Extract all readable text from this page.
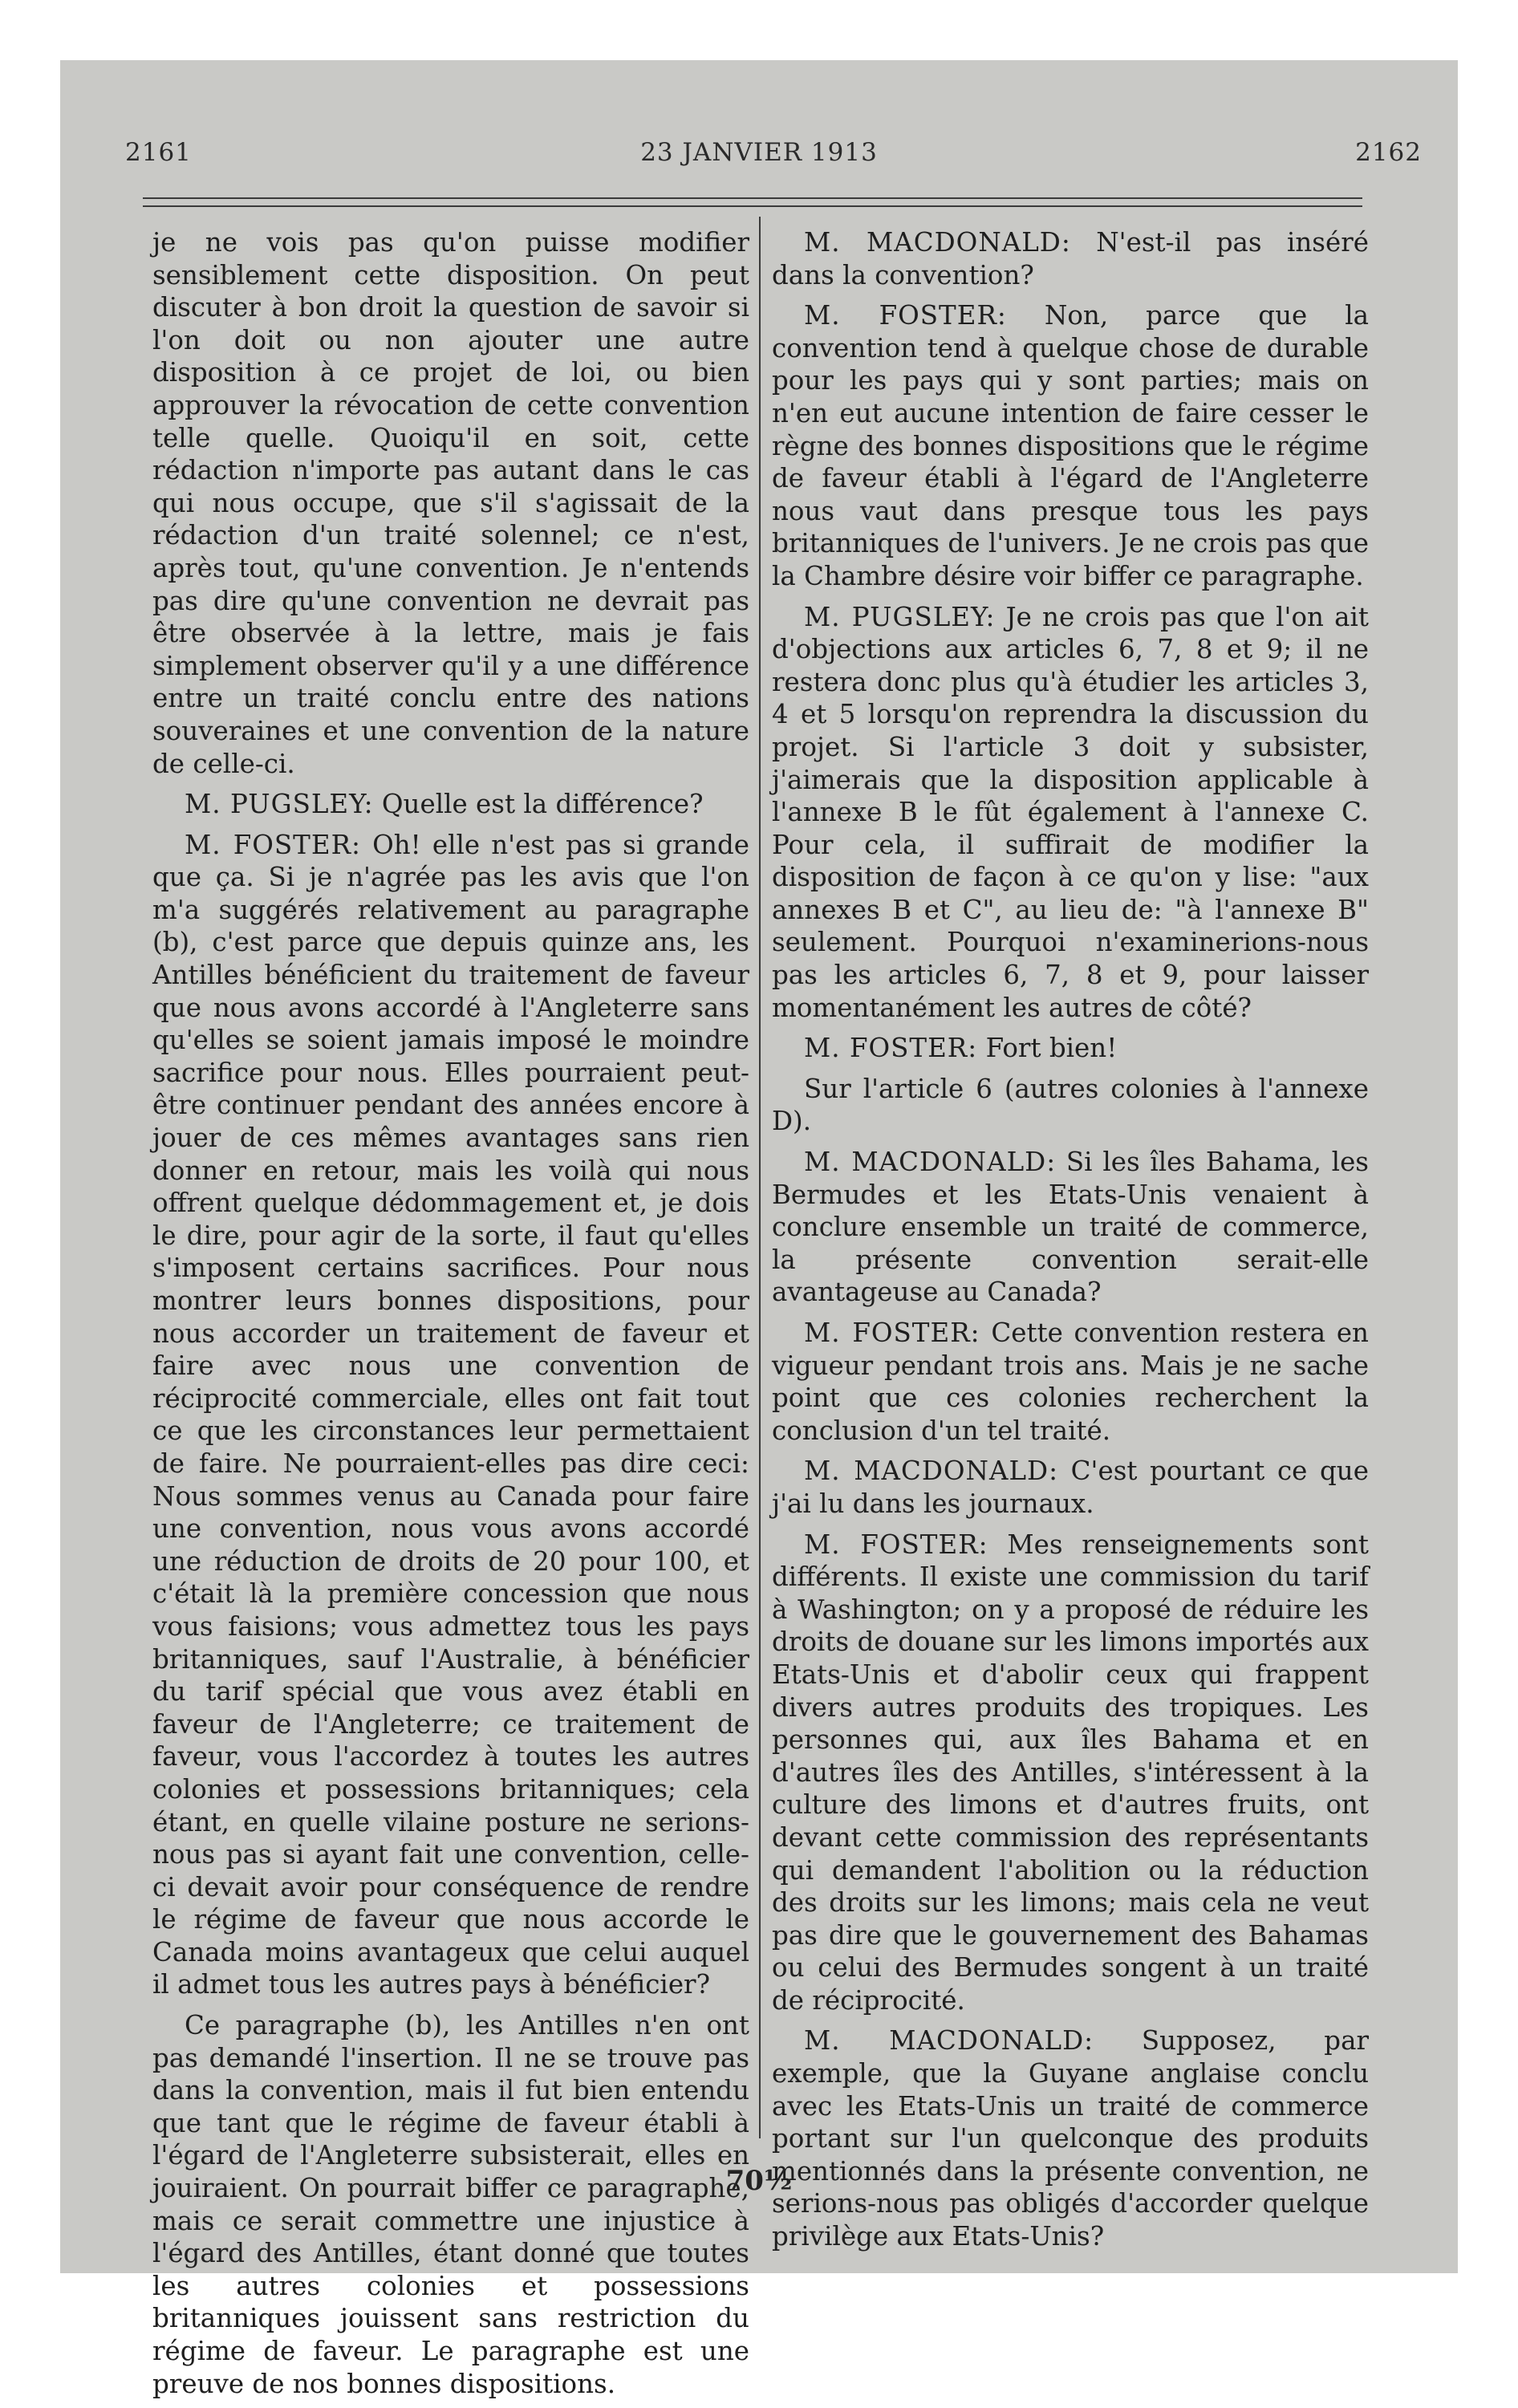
2161	23 JANVIER 1913	2162

je ne vois pas qu'on puisse modifier sensiblement cette disposition. On peut discuter à bon droit la question de savoir si l'on doit ou non ajouter une autre disposition à ce projet de loi, ou bien approuver la révocation de cette convention telle quelle. Quoiqu'il en soit, cette rédaction n'importe pas autant dans le cas qui nous occupe, que s'il s'agissait de la rédaction d'un traité solennel; ce n'est, après tout, qu'une convention. Je n'entends pas dire qu'une convention ne devrait pas être observée à la lettre, mais je fais simplement observer qu'il y a une différence entre un traité conclu entre des nations souveraines et une convention de la nature de celle-ci.

M. PUGSLEY: Quelle est la différence?

M. FOSTER: Oh! elle n'est pas si grande que ça. Si je n'agrée pas les avis que l'on m'a suggérés relativement au paragraphe (b), c'est parce que depuis quinze ans, les Antilles bénéficient du traitement de faveur que nous avons accordé à l'Angleterre sans qu'elles se soient jamais imposé le moindre sacrifice pour nous. Elles pourraient peut-être continuer pendant des années encore à jouer de ces mêmes avantages sans rien donner en retour, mais les voilà qui nous offrent quelque dédommagement et, je dois le dire, pour agir de la sorte, il faut qu'elles s'imposent certains sacrifices. Pour nous montrer leurs bonnes dispositions, pour nous accorder un traitement de faveur et faire avec nous une convention de réciprocité commerciale, elles ont fait tout ce que les circonstances leur permettaient de faire. Ne pourraient-elles pas dire ceci: Nous sommes venus au Canada pour faire une convention, nous vous avons accordé une réduction de droits de 20 pour 100, et c'était là la première concession que nous vous faisions; vous admettez tous les pays britanniques, sauf l'Australie, à bénéficier du tarif spécial que vous avez établi en faveur de l'Angleterre; ce traitement de faveur, vous l'accordez à toutes les autres colonies et possessions britanniques; cela étant, en quelle vilaine posture ne serions-nous pas si ayant fait une convention, celle-ci devait avoir pour conséquence de rendre le régime de faveur que nous accorde le Canada moins avantageux que celui auquel il admet tous les autres pays à bénéficier?

Ce paragraphe (b), les Antilles n'en ont pas demandé l'insertion. Il ne se trouve pas dans la convention, mais il fut bien entendu que tant que le régime de faveur établi à l'égard de l'Angleterre subsisterait, elles en jouiraient. On pourrait biffer ce paragraphe, mais ce serait commettre une injustice à l'égard des Antilles, étant donné que toutes les autres colonies et possessions britanniques jouissent sans restriction du régime de faveur. Le paragraphe est une preuve de nos bonnes dispositions.

M. MACDONALD: N'est-il pas inséré dans la convention?

M. FOSTER: Non, parce que la convention tend à quelque chose de durable pour les pays qui y sont parties; mais on n'en eut aucune intention de faire cesser le règne des bonnes dispositions que le régime de faveur établi à l'égard de l'Angleterre nous vaut dans presque tous les pays britanniques de l'univers. Je ne crois pas que la Chambre désire voir biffer ce paragraphe.

M. PUGSLEY: Je ne crois pas que l'on ait d'objections aux articles 6, 7, 8 et 9; il ne restera donc plus qu'à étudier les articles 3, 4 et 5 lorsqu'on reprendra la discussion du projet. Si l'article 3 doit y subsister, j'aimerais que la disposition applicable à l'annexe B le fût également à l'annexe C. Pour cela, il suffirait de modifier la disposition de façon à ce qu'on y lise: "aux annexes B et C", au lieu de: "à l'annexe B" seulement. Pourquoi n'examinerions-nous pas les articles 6, 7, 8 et 9, pour laisser momentanément les autres de côté?

M. FOSTER: Fort bien!

Sur l'article 6 (autres colonies à l'annexe D).

M. MACDONALD: Si les îles Bahama, les Bermudes et les Etats-Unis venaient à conclure ensemble un traité de commerce, la présente convention serait-elle avantageuse au Canada?

M. FOSTER: Cette convention restera en vigueur pendant trois ans. Mais je ne sache point que ces colonies recherchent la conclusion d'un tel traité.

M. MACDONALD: C'est pourtant ce que j'ai lu dans les journaux.

M. FOSTER: Mes renseignements sont différents. Il existe une commission du tarif à Washington; on y a proposé de réduire les droits de douane sur les limons importés aux Etats-Unis et d'abolir ceux qui frappent divers autres produits des tropiques. Les personnes qui, aux îles Bahama et en d'autres îles des Antilles, s'intéressent à la culture des limons et d'autres fruits, ont devant cette commission des représentants qui demandent l'abolition ou la réduction des droits sur les limons; mais cela ne veut pas dire que le gouvernement des Bahamas ou celui des Bermudes songent à un traité de réciprocité.

M. MACDONALD: Supposez, par exemple, que la Guyane anglaise conclu avec les Etats-Unis un traité de commerce portant sur l'un quelconque des produits mentionnés dans la présente convention, ne serions-nous pas obligés d'accorder quelque privilège aux Etats-Unis?

70½
